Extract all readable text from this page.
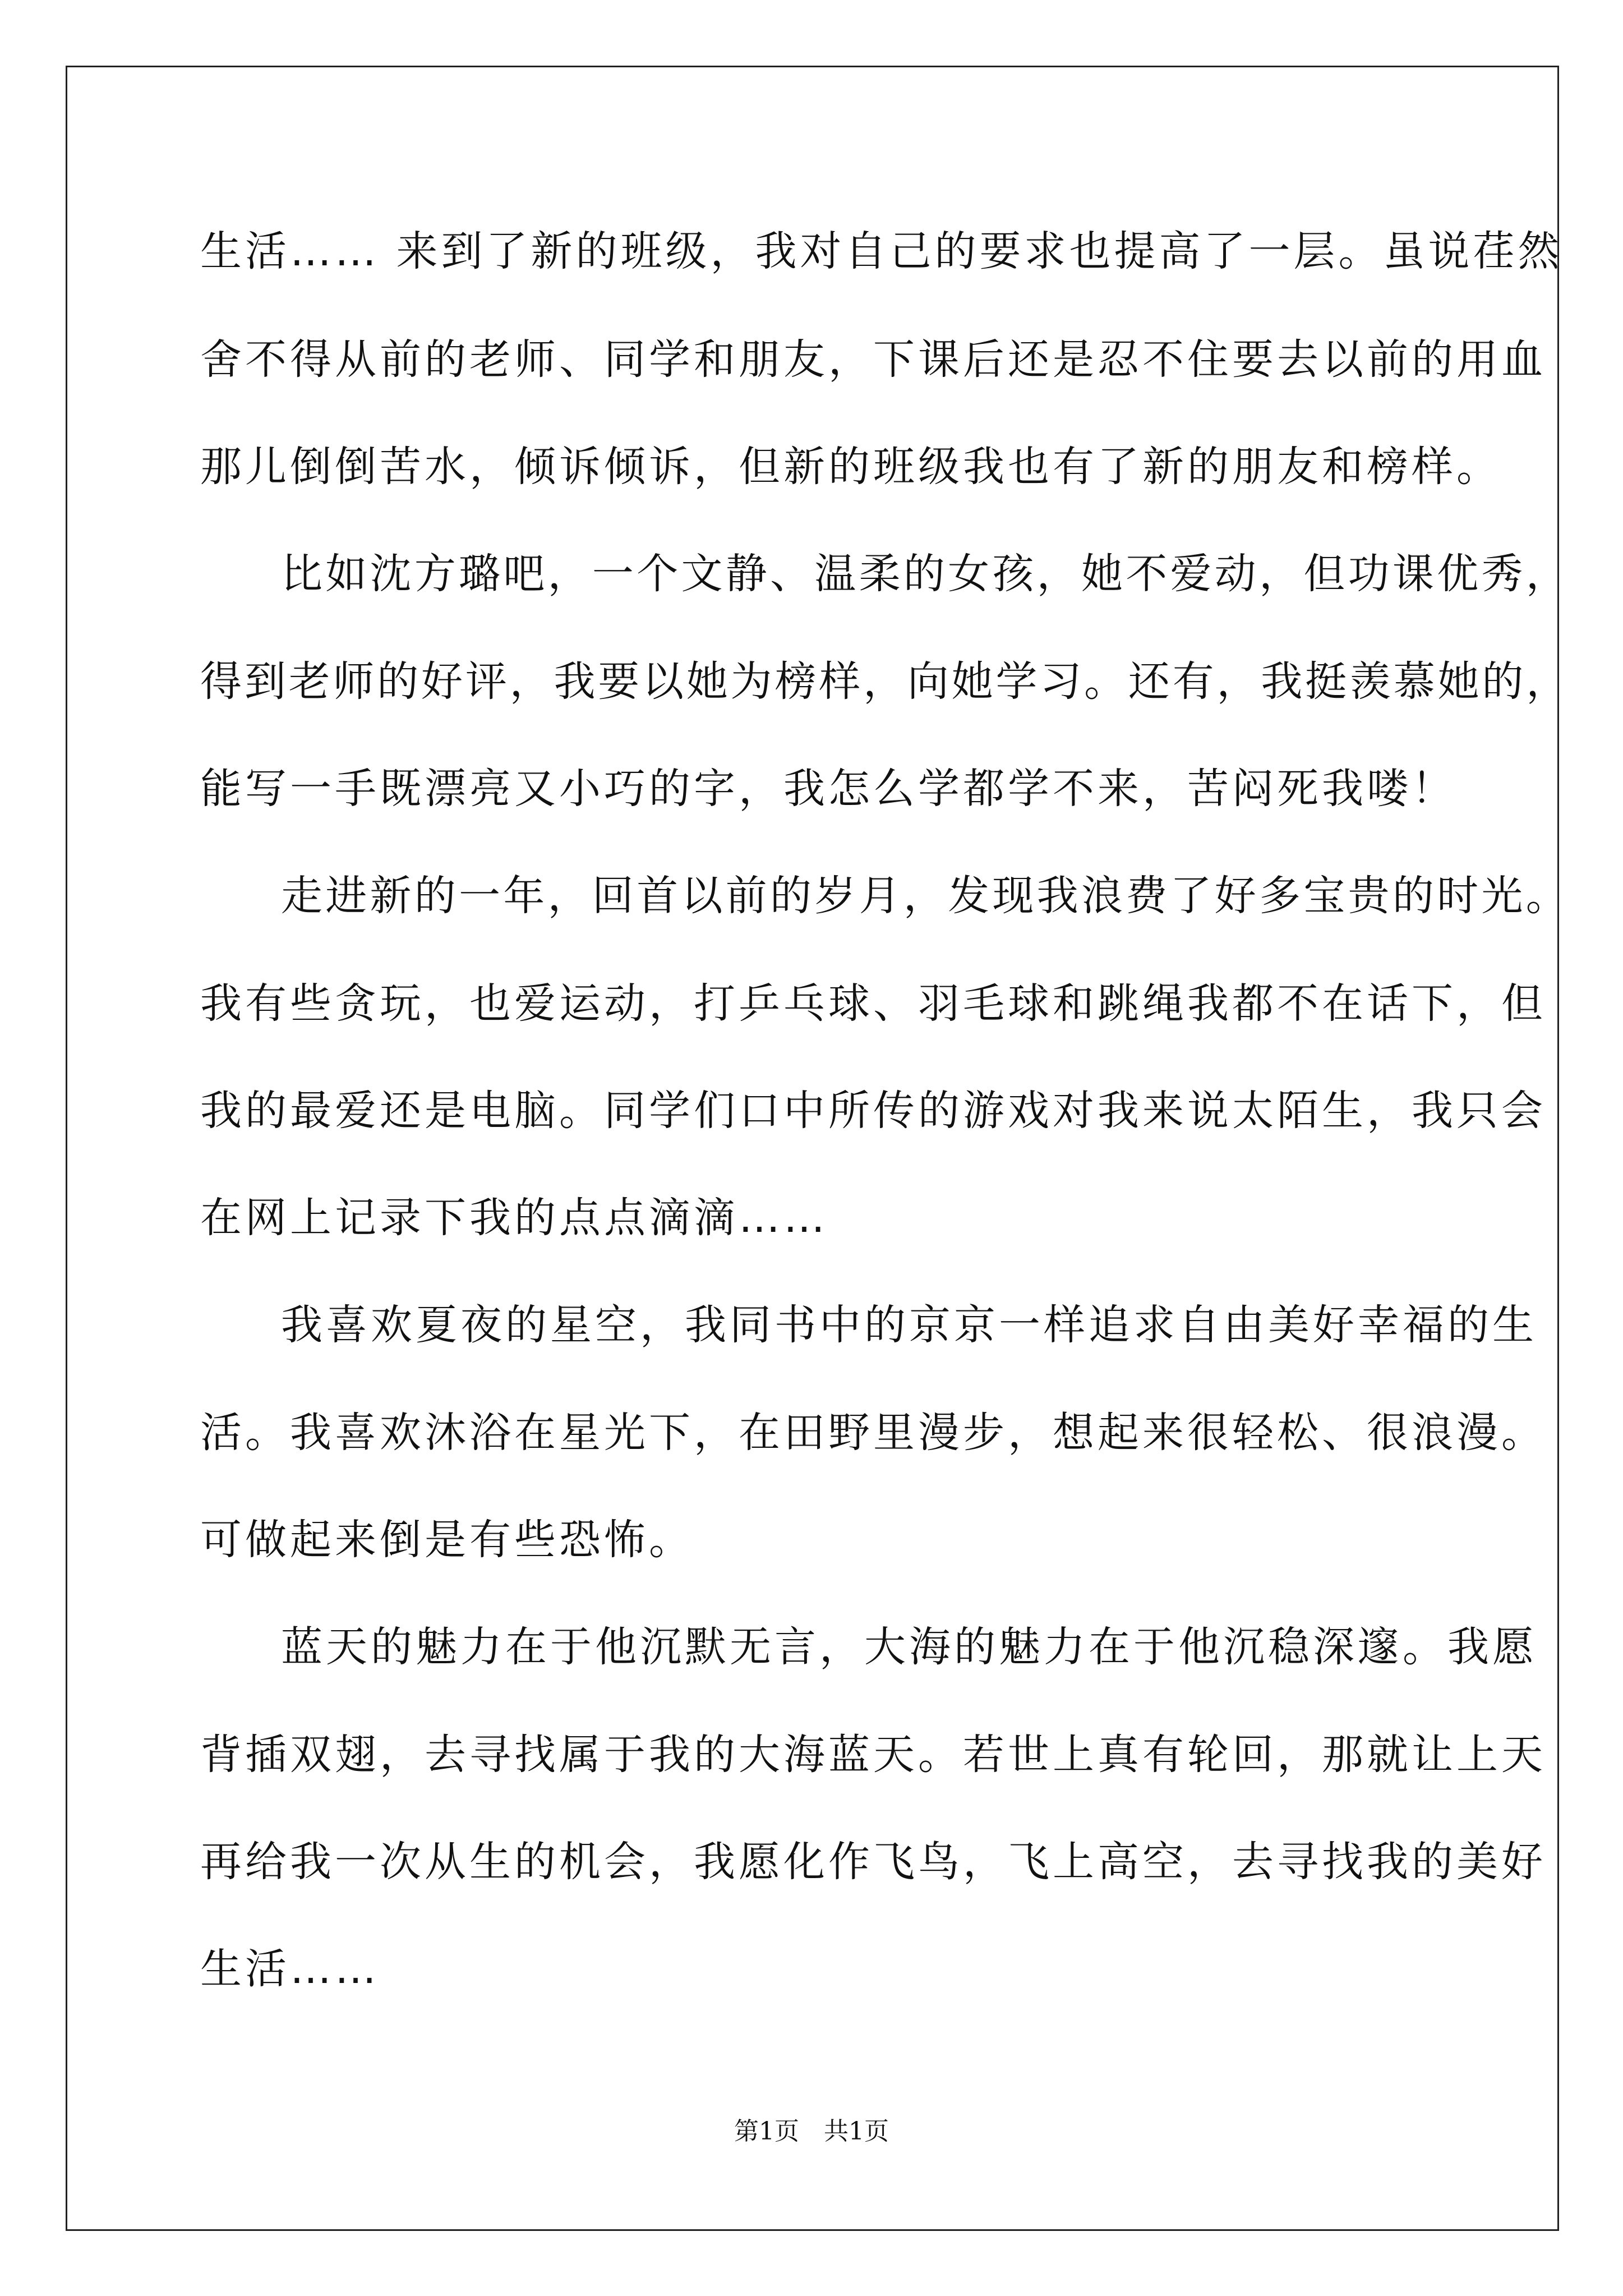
生活…… 来到了新的班级，我对自己的要求也提高了一层。虽说荏然
舍不得从前的老师、同学和朋友，下课后还是忍不住要去以前的用血
那儿倒倒苦水，倾诉倾诉，但新的班级我也有了新的朋友和榜样。
比如沈方璐吧，一个文静、温柔的女孩，她不爱动，但功课优秀，
得到老师的好评，我要以她为榜样，向她学习。还有，我挺羡慕她的，
能写一手既漂亮又小巧的字，我怎么学都学不来，苦闷死我喽！
走进新的一年，回首以前的岁月，发现我浪费了好多宝贵的时光。
我有些贪玩，也爱运动，打乒乓球、羽毛球和跳绳我都不在话下，但
我的最爱还是电脑。同学们口中所传的游戏对我来说太陌生，我只会
在网上记录下我的点点滴滴……
我喜欢夏夜的星空，我同书中的京京一样追求自由美好幸福的生
活。我喜欢沐浴在星光下，在田野里漫步，想起来很轻松、很浪漫。
可做起来倒是有些恐怖。
蓝天的魅力在于他沉默无言，大海的魅力在于他沉稳深邃。我愿
背插双翅，去寻找属于我的大海蓝天。若世上真有轮回，那就让上天
再给我一次从生的机会，我愿化作飞鸟，飞上高空，去寻找我的美好
生活……
第1页　共1页
